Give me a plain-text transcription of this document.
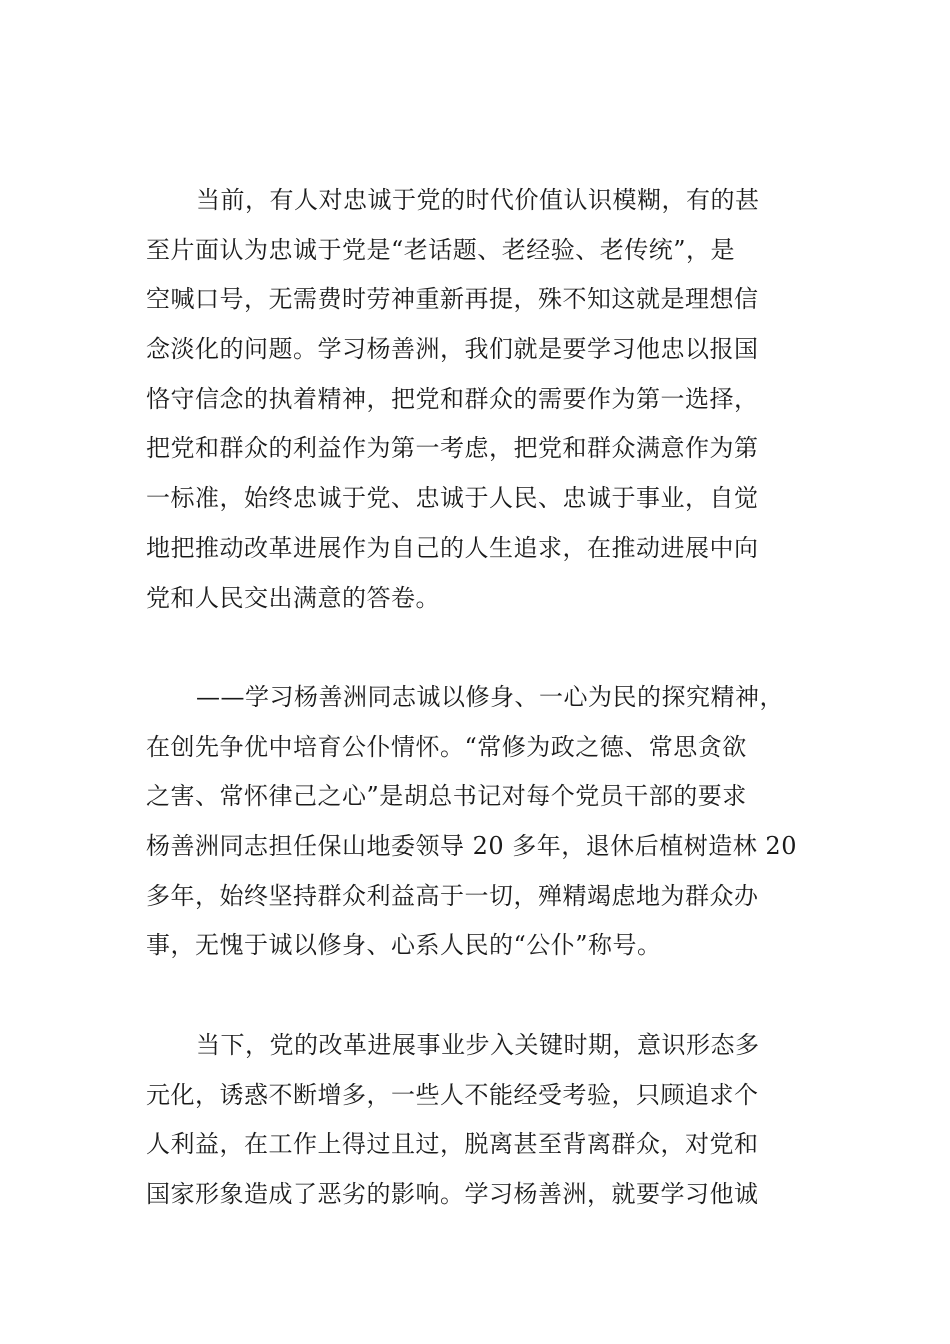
当前，有人对忠诚于党的时代价值认识模糊，有的甚
至片面认为忠诚于党是“老话题、老经验、老传统”，是
空喊口号，无需费时劳神重新再提，殊不知这就是理想信
念淡化的问题。学习杨善洲，我们就是要学习他忠以报国
恪守信念的执着精神，把党和群众的需要作为第一选择，
把党和群众的利益作为第一考虑，把党和群众满意作为第
一标准，始终忠诚于党、忠诚于人民、忠诚于事业，自觉
地把推动改革进展作为自己的人生追求，在推动进展中向
党和人民交出满意的答卷。
——学习杨善洲同志诚以修身、一心为民的探究精神，
在创先争优中培育公仆情怀。“常修为政之德、常思贪欲
之害、常怀律己之心”是胡总书记对每个党员干部的要求
杨善洲同志担任保山地委领导 20 多年，退休后植树造林 20
多年，始终坚持群众利益高于一切，殚精竭虑地为群众办
事，无愧于诚以修身、心系人民的“公仆”称号。
当下，党的改革进展事业步入关键时期，意识形态多
元化，诱惑不断增多，一些人不能经受考验，只顾追求个
人利益，在工作上得过且过，脱离甚至背离群众，对党和
国家形象造成了恶劣的影响。学习杨善洲，就要学习他诚
